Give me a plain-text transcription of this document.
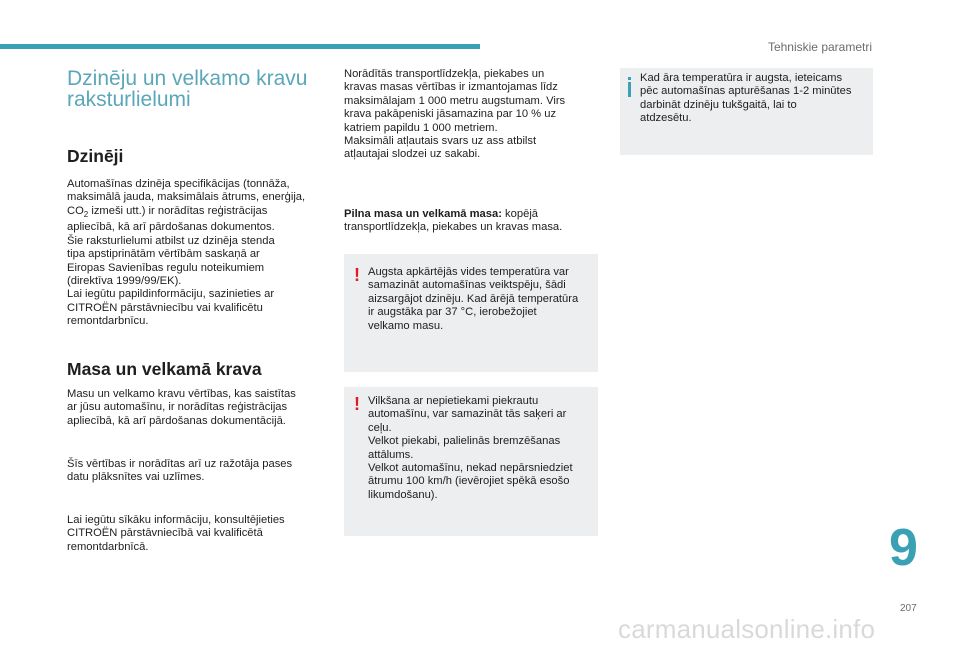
Tehniskie parametri
Dzinēju un velkamo kravu
raksturlielumi
Dzinēji

Automašīnas dzinēja specifikācijas (tonnāža,
maksimālā jauda, maksimālais ātrums, enerģija,
$CO_2$ izmeši utt.) ir norādītas reģistrācijas
apliecībā, kā arī pārdošanas dokumentos.
Šie raksturlielumi atbilst uz dzinēja stenda
tipa apstiprinātām vērtībām saskaņā ar
Eiropas Savienības regulu noteikumiem
(direktīva 1999/99/EK).
Lai iegūtu papildinformāciju, sazinieties ar
CITROËN pārstāvniecību vai kvalificētu
remontdarbnīcu.

Masa un velkamā krava

Masu un velkamo kravu vērtības, kas saistītas
ar jūsu automašīnu, ir norādītas reģistrācijas
apliecībā, kā arī pārdošanas dokumentācijā.

Šīs vērtības ir norādītas arī uz ražotāja pases
datu plāksnītes vai uzlīmes.

Lai iegūtu sīkāku informāciju, konsultējieties
CITROËN pārstāvniecībā vai kvalificētā
remontdarbnīcā.

Norādītās transportlīdzekļa, piekabes un
kravas masas vērtības ir izmantojamas līdz
maksimālajam 1 000 metru augstumam. Virs
krava pakāpeniski jāsamazina par 10 % uz
katriem papildu 1 000 metriem.
Maksimāli atļautais svars uz ass atbilst
atļautajai slodzei uz sakabi.

Pilna masa un velkamā masa: kopējā
transportlīdzekļa, piekabes un kravas masa.

! Augsta apkārtējās vides temperatūra var
samazināt automašīnas veiktspēju, šādi
aizsargājot dzinēju. Kad ārējā temperatūra
ir augstāka par 37 °C, ierobežojiet
velkamo masu.

! Vilkšana ar nepietiekami piekrautu
automašīnu, var samazināt tās saķeri ar
ceļu.
Velkot piekabi, palielinās bremzēšanas
attālums.
Velkot automašīnu, nekad nepārsniedziet
ātrumu 100 km/h (ievērojiet spēkā esošo
likumdošanu).

Kad āra temperatūra ir augsta, ieteicams
pēc automašīnas apturēšanas 1-2 minūtes
darbināt dzinēju tukšgaitā, lai to
atdzesētu.

9
207
carmanualsonline.info
